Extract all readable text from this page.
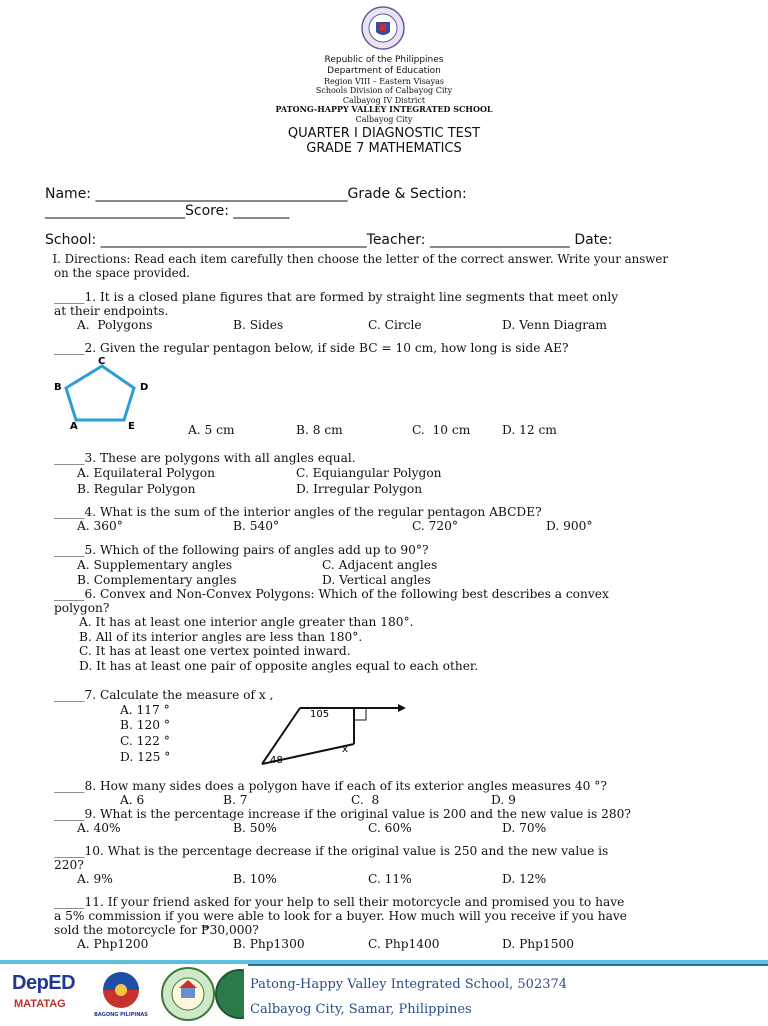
Republic of the Philippines
Department of Education
Region VIII – Eastern Visayas
Schools Division of Calbayog City
Calbayog IV District
PATONG-HAPPY VALLEY INTEGRATED SCHOOL
Calbayog City
QUARTER I DIAGNOSTIC TEST
GRADE 7 MATHEMATICS
Name: ____________________________________Grade & Section:
____________________Score: ________
School: ______________________________________Teacher: ____________________ Date:
I. Directions: Read each item carefully then choose the letter of the correct answer. Write your answer
on the space provided.
_____1. It is a closed plane figures that are formed by straight line segments that meet only
at their endpoints.
A.  Polygons	B. Sides	C. Circle	D. Venn Diagram
_____2. Given the regular pentagon below, if side BC = 10 cm, how long is side AE?
C
B	D
A	E	A. 5 cm	B. 8 cm	C.  10 cm	D. 12 cm
_____3. These are polygons with all angles equal.
A. Equilateral Polygon	C. Equiangular Polygon
B. Regular Polygon	D. Irregular Polygon
_____4. What is the sum of the interior angles of the regular pentagon ABCDE?
A. 360°	B. 540°	C. 720°	D. 900°
_____5. Which of the following pairs of angles add up to 90°?
A. Supplementary angles	C. Adjacent angles
B. Complementary angles	D. Vertical angles
_____6. Convex and Non-Convex Polygons: Which of the following best describes a convex
polygon?
A. It has at least one interior angle greater than 180°.
B. All of its interior angles are less than 180°.
C. It has at least one vertex pointed inward.
D. It has at least one pair of opposite angles equal to each other.
_____7. Calculate the measure of x ,
A. 117 °
B. 120 °
C. 122 °
D. 125 °
105
x
48
_____8. How many sides does a polygon have if each of its exterior angles measures 40 °?
A. 6	B. 7	C.  8	D. 9
_____9. What is the percentage increase if the original value is 200 and the new value is 280?
A. 40%	B. 50%	C. 60%	D. 70%
_____10. What is the percentage decrease if the original value is 250 and the new value is
220?
A. 9%	B. 10%	C. 11%	D. 12%
_____11. If your friend asked for your help to sell their motorcycle and promised you to have
a 5% commission if you were able to look for a buyer. How much will you receive if you have
sold the motorcycle for ₱30,000?
A. Php1200	B. Php1300	C. Php1400	D. Php1500
DepED
MATATAG
BAGONG PILIPINAS
Patong-Happy Valley Integrated School, 502374
Calbayog City, Samar, Philippines
